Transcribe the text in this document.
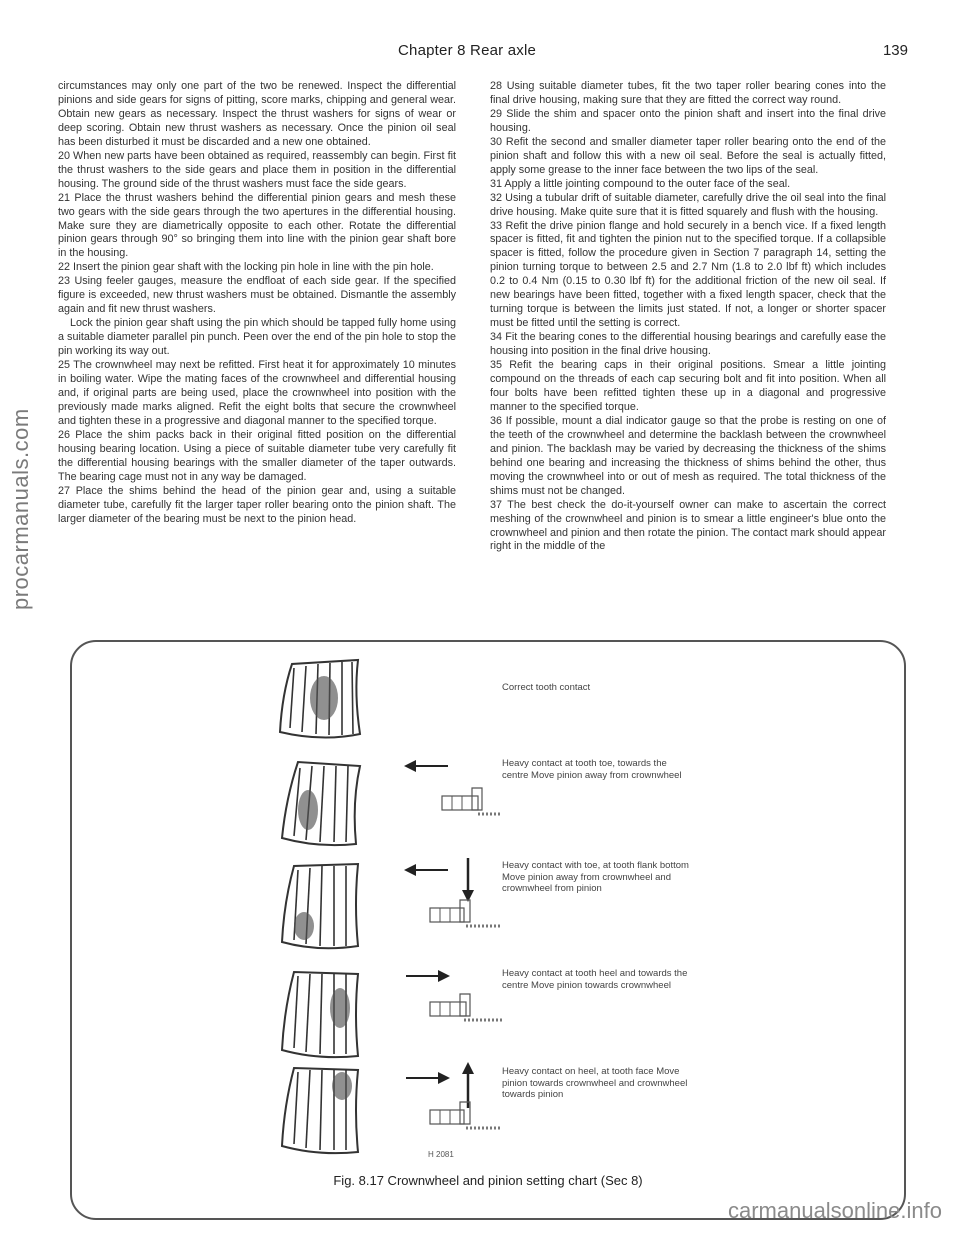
Chapter 8 Rear axle	139

circumstances may only one part of the two be renewed. Inspect the differential pinions and side gears for signs of pitting, score marks, chipping and general wear. Obtain new gears as necessary. Inspect the thrust washers for signs of wear or deep scoring. Obtain new thrust washers as necessary. Once the pinion oil seal has been disturbed it must be discarded and a new one obtained.

20 When new parts have been obtained as required, reassembly can begin. First fit the thrust washers to the side gears and place them in position in the differential housing. The ground side of the thrust washers must face the side gears.

21 Place the thrust washers behind the differential pinion gears and mesh these two gears with the side gears through the two apertures in the differential housing. Make sure they are diametrically opposite to each other. Rotate the differential pinion gears through 90° so bringing them into line with the pinion gear shaft bore in the housing.

22 Insert the pinion gear shaft with the locking pin hole in line with the pin hole.

23 Using feeler gauges, measure the endfloat of each side gear. If the specified figure is exceeded, new thrust washers must be obtained. Dismantle the assembly again and fit new thrust washers.

Lock the pinion gear shaft using the pin which should be tapped fully home using a suitable diameter parallel pin punch. Peen over the end of the pin hole to stop the pin working its way out.

25 The crownwheel may next be refitted. First heat it for approximately 10 minutes in boiling water. Wipe the mating faces of the crownwheel and differential housing and, if original parts are being used, place the crownwheel into position with the previously made marks aligned. Refit the eight bolts that secure the crownwheel and tighten these in a progressive and diagonal manner to the specified torque.

26 Place the shim packs back in their original fitted position on the differential housing bearing location. Using a piece of suitable diameter tube very carefully fit the differential housing bearings with the smaller diameter of the taper outwards. The bearing cage must not in any way be damaged.

27 Place the shims behind the head of the pinion gear and, using a suitable diameter tube, carefully fit the larger taper roller bearing onto the pinion shaft. The larger diameter of the bearing must be next to the pinion head.

28 Using suitable diameter tubes, fit the two taper roller bearing cones into the final drive housing, making sure that they are fitted the correct way round.

29 Slide the shim and spacer onto the pinion shaft and insert into the final drive housing.

30 Refit the second and smaller diameter taper roller bearing onto the end of the pinion shaft and follow this with a new oil seal. Before the seal is actually fitted, apply some grease to the inner face between the two lips of the seal.

31 Apply a little jointing compound to the outer face of the seal.

32 Using a tubular drift of suitable diameter, carefully drive the oil seal into the final drive housing. Make quite sure that it is fitted squarely and flush with the housing.

33 Refit the drive pinion flange and hold securely in a bench vice. If a fixed length spacer is fitted, fit and tighten the pinion nut to the specified torque. If a collapsible spacer is fitted, follow the procedure given in Section 7 paragraph 14, setting the pinion turning torque to between 2.5 and 2.7 Nm (1.8 to 2.0 lbf ft) which includes 0.2 to 0.4 Nm (0.15 to 0.30 lbf ft) for the additional friction of the new oil seal. If new bearings have been fitted, together with a fixed length spacer, check that the turning torque is between the limits just stated. If not, a longer or shorter spacer must be fitted until the setting is correct.

34 Fit the bearing cones to the differential housing bearings and carefully ease the housing into position in the final drive housing.

35 Refit the bearing caps in their original positions. Smear a little jointing compound on the threads of each cap securing bolt and fit into position. When all four bolts have been refitted tighten these up in a diagonal and progressive manner to the specified torque.

36 If possible, mount a dial indicator gauge so that the probe is resting on one of the teeth of the crownwheel and determine the backlash between the crownwheel and pinion. The backlash may be varied by decreasing the thickness of the shims behind one bearing and increasing the thickness of shims behind the other, thus moving the crownwheel into or out of mesh as required. The total thickness of the shims must not be changed.

37 The best check the do-it-yourself owner can make to ascertain the correct meshing of the crownwheel and pinion is to smear a little engineer's blue onto the crownwheel and pinion and then rotate the pinion. The contact mark should appear right in the middle of the

Correct tooth contact
Heavy contact at tooth toe, towards the centre Move pinion away from crownwheel
Heavy contact with toe, at tooth flank bottom Move pinion away from crownwheel and crownwheel from pinion
Heavy contact at tooth heel and towards the centre Move pinion towards crownwheel
Heavy contact on heel, at tooth face Move pinion towards crownwheel and crownwheel towards pinion
H 2081
Fig. 8.17 Crownwheel and pinion setting chart (Sec 8)
procarmanuals.com
carmanualsonline.info
